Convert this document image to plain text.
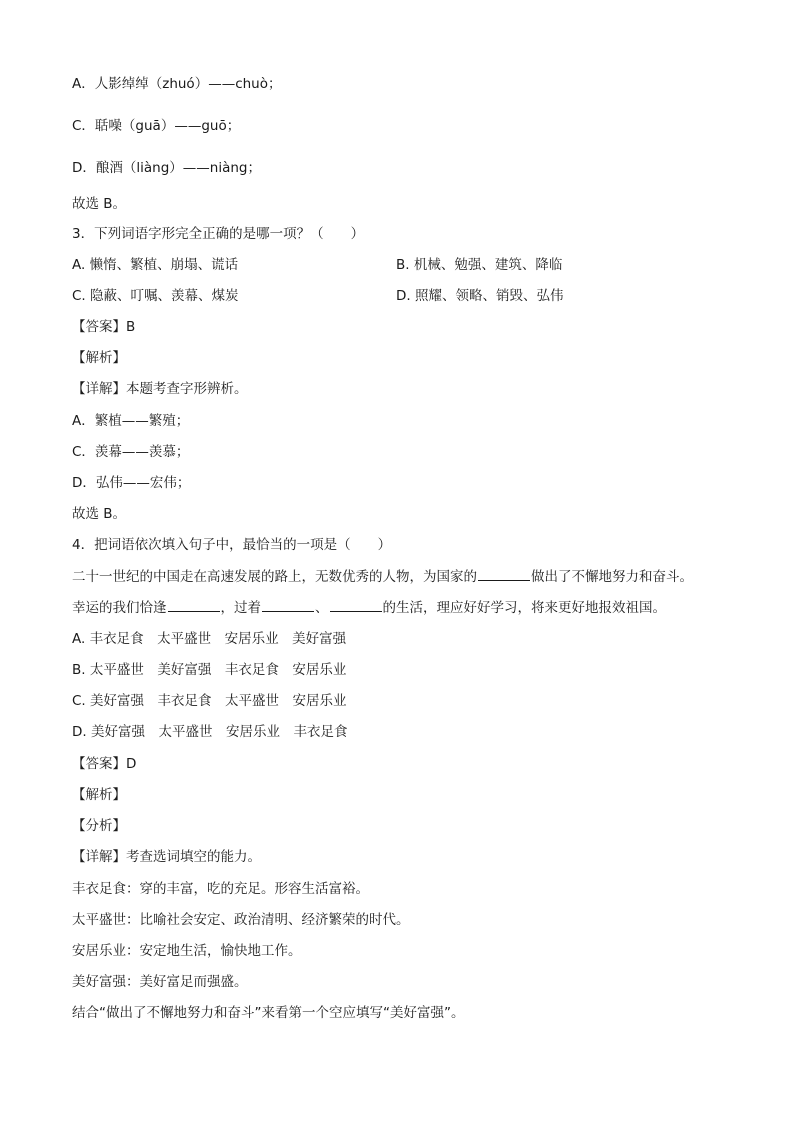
A．人影绰绰（zhuó）——chuò；
C．聒噪（guā）——guō；
D．酿酒（liàng）——niàng；
故选 B。
3．下列词语字形完全正确的是哪一项？（　　）
A. 懒惰、繁植、崩塌、谎话	B. 机械、勉强、建筑、降临
C. 隐蔽、叮嘱、羡幕、煤炭	D. 照耀、领略、销毁、弘伟
【答案】B
【解析】
【详解】本题考查字形辨析。
A．繁植——繁殖；
C．羡幕——羡慕；
D．弘伟——宏伟；
故选 B。
4．把词语依次填入句子中，最恰当的一项是（　　）
二十一世纪的中国走在高速发展的路上，无数优秀的人物，为国家的	做出了不懈地努力和奋斗。
幸运的我们恰逢	，过着	、	的生活，理应好好学习，将来更好地报效祖国。
A. 丰衣足食　太平盛世　安居乐业　美好富强
B. 太平盛世　美好富强　丰衣足食　安居乐业
C. 美好富强　丰衣足食　太平盛世　安居乐业
D. 美好富强　太平盛世　安居乐业　丰衣足食
【答案】D
【解析】
【分析】
【详解】考查选词填空的能力。
丰衣足食：穿的丰富，吃的充足。形容生活富裕。
太平盛世：比喻社会安定、政治清明、经济繁荣的时代。
安居乐业：安定地生活，愉快地工作。
美好富强：美好富足而强盛。
结合“做出了不懈地努力和奋斗”来看第一个空应填写“美好富强”。
